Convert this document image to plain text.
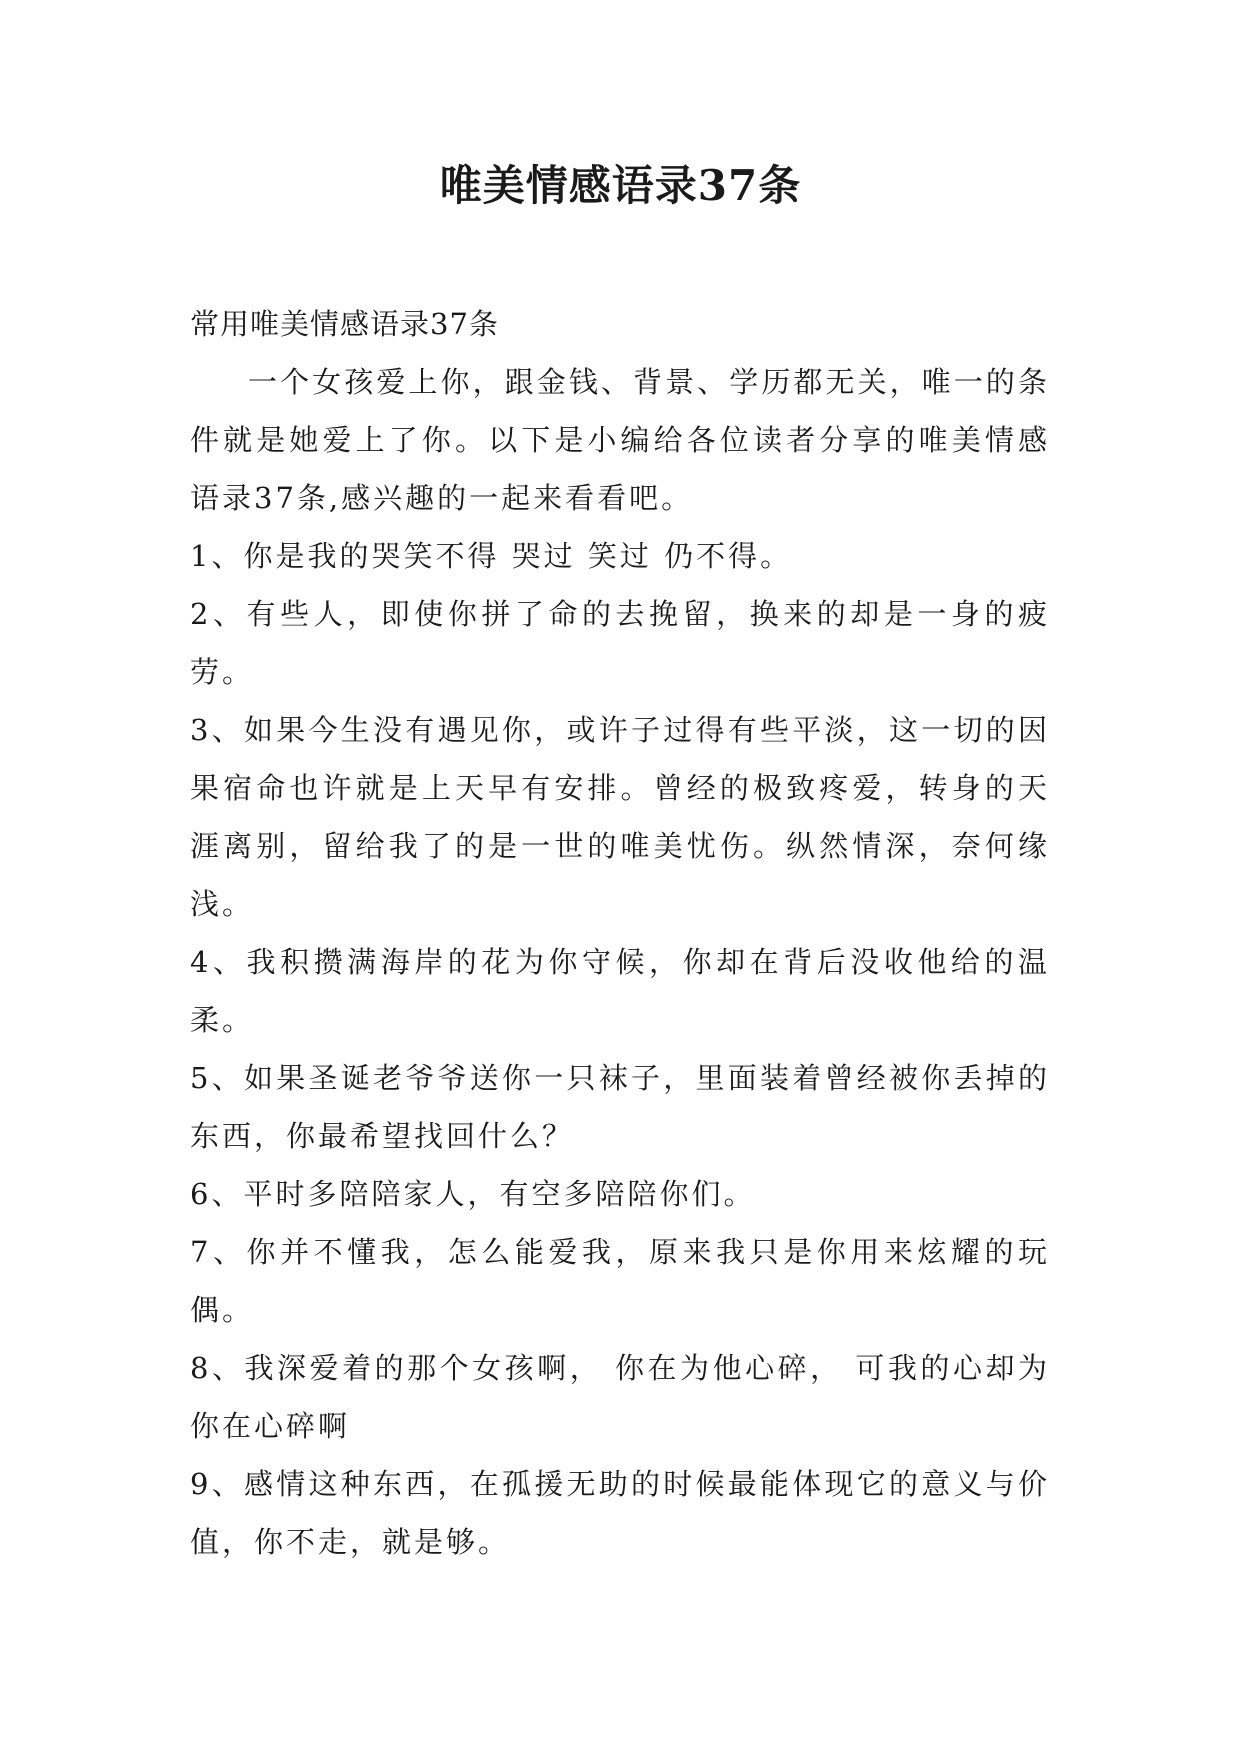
唯美情感语录37条

常用唯美情感语录37条

一个女孩爱上你，跟金钱、背景、学历都无关，唯一的条件就是她爱上了你。以下是小编给各位读者分享的唯美情感语录37条,感兴趣的一起来看看吧。

1、你是我的哭笑不得 哭过 笑过 仍不得。

2、有些人，即使你拼了命的去挽留，换来的却是一身的疲劳。

3、如果今生没有遇见你，或许子过得有些平淡，这一切的因果宿命也许就是上天早有安排。曾经的极致疼爱，转身的天涯离别，留给我了的是一世的唯美忧伤。纵然情深，奈何缘浅。

4、我积攒满海岸的花为你守候，你却在背后没收他给的温柔。

5、如果圣诞老爷爷送你一只袜子，里面装着曾经被你丢掉的东西，你最希望找回什么？

6、平时多陪陪家人，有空多陪陪你们。

7、你并不懂我，怎么能爱我，原来我只是你用来炫耀的玩偶。

8、我深爱着的那个女孩啊， 你在为他心碎， 可我的心却为你在心碎啊

9、感情这种东西，在孤援无助的时候最能体现它的意义与价值，你不走，就是够。
